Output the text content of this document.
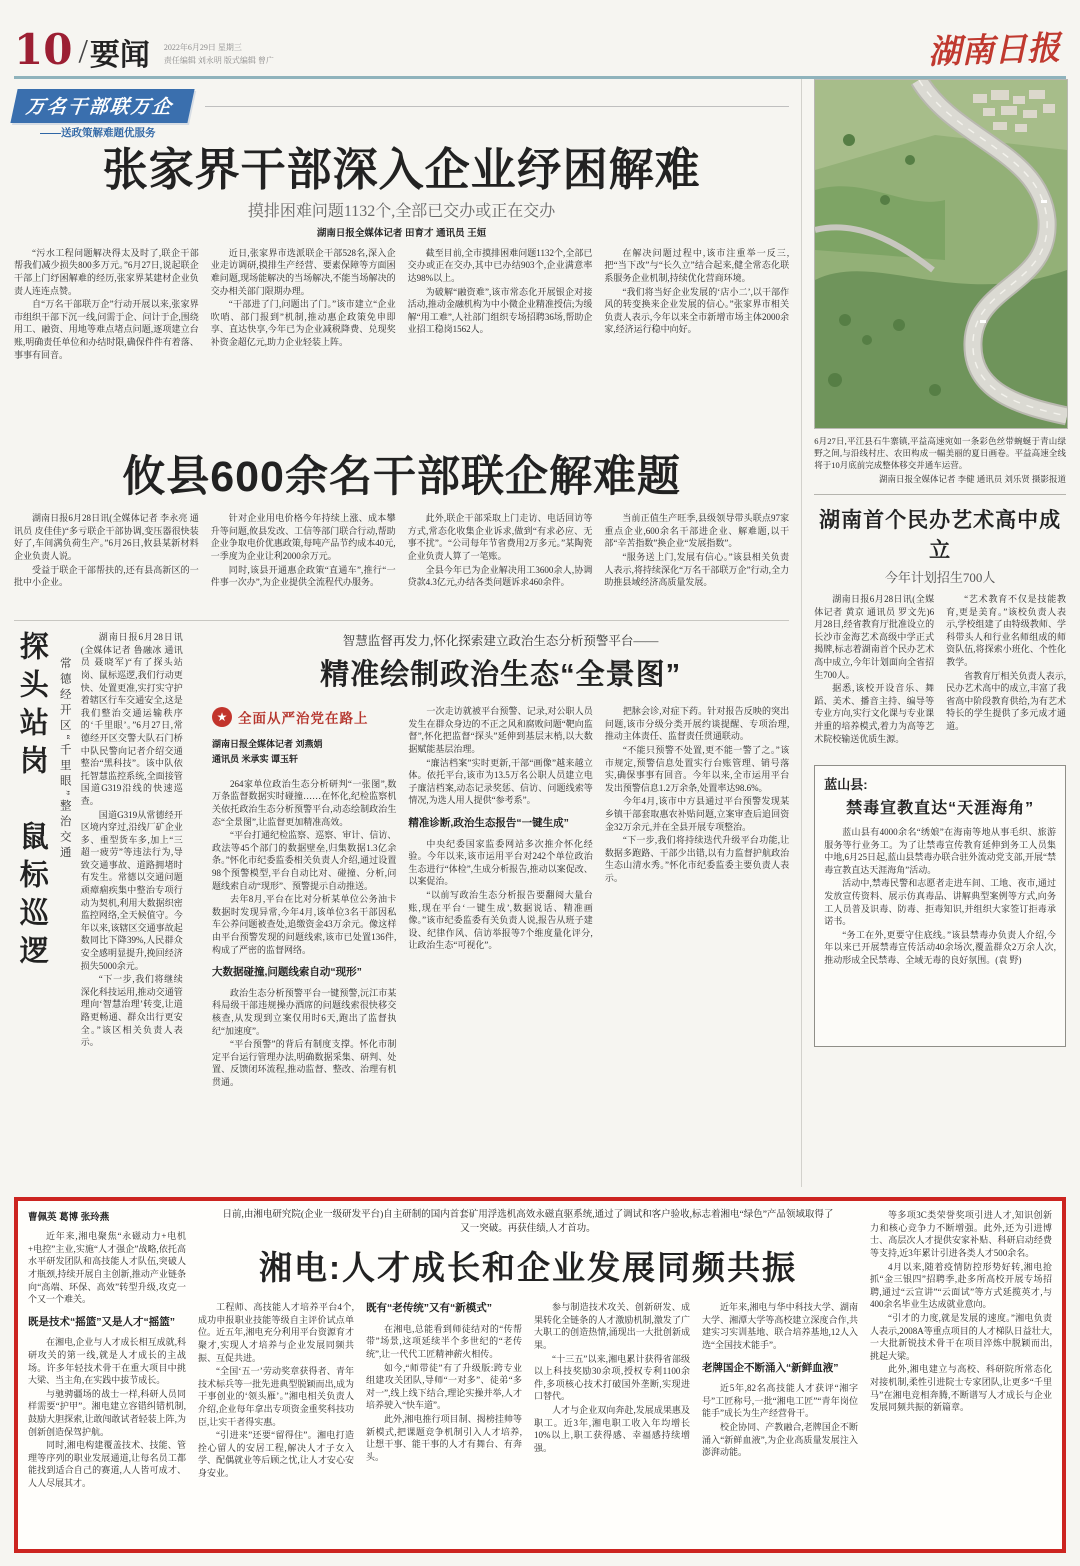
10 / 要闻 2022年6月29日 星期三
责任编辑 刘永明 版式编辑 曾广	湖南日报
万名干部联万企
——送政策解难题优服务
张家界干部深入企业纾困解难
摸排困难问题1132个,全部已交办或正在交办
湖南日报全媒体记者 田育才 通讯员 王姮

“污水工程问题解决得太及时了,联企干部帮我们减少损失800多万元。”6月27日,说起联企干部上门纾困解难的经历,张家界某建材企业负责人连连点赞。

自“万名干部联万企”行动开展以来,张家界市组织干部下沉一线,问需于企、问计于企,围绕用工、融资、用地等难点堵点问题,逐项建立台账,明确责任单位和办结时限,确保件件有着落、事事有回音。

近日,张家界市选派联企干部528名,深入企业走访调研,摸排生产经营、要素保障等方面困难问题,现场能解决的当场解决,不能当场解决的交办相关部门限期办理。

“干部进了门,问题出了门。”该市建立“企业吹哨、部门报到”机制,推动惠企政策免申即享、直达快享,今年已为企业减税降费、兑现奖补资金超亿元,助力企业轻装上阵。

截至目前,全市摸排困难问题1132个,全部已交办或正在交办,其中已办结903个,企业满意率达98%以上。

为破解“融资难”,该市常态化开展银企对接活动,推动金融机构为中小微企业精准授信;为缓解“用工难”,人社部门组织专场招聘36场,帮助企业招工稳岗1562人。

在解决问题过程中,该市注重举一反三,把“当下改”与“长久立”结合起来,健全常态化联系服务企业机制,持续优化营商环境。

“我们将当好企业发展的‘店小二’,以干部作风的转变换来企业发展的信心。”张家界市相关负责人表示,今年以来全市新增市场主体2000余家,经济运行稳中向好。

攸县600余名干部联企解难题

湖南日报6月28日讯(全媒体记者 李永亮 通讯员 皮佳佳)“多亏联企干部协调,变压器很快装好了,车间满负荷生产。”6月26日,攸县某新材料企业负责人说。

受益于联企干部帮扶的,还有县高新区的一批中小企业。

针对企业用电价格今年持续上涨、成本攀升等问题,攸县发改、工信等部门联合行动,帮助企业争取电价优惠政策,每吨产品节约成本40元,一季度为企业让利2000余万元。

同时,该县开通惠企政策“直通车”,推行“一件事一次办”,为企业提供全流程代办服务。

此外,联企干部采取上门走访、电话回访等方式,常态化收集企业诉求,做到“有求必应、无事不扰”。“公司每年节省费用2万多元。”某陶瓷企业负责人算了一笔账。

全县今年已为企业解决用工3600余人,协调贷款4.3亿元,办结各类问题诉求460余件。

当前正值生产旺季,县级领导带头联点97家重点企业,600余名干部进企业、解难题,以干部“辛苦指数”换企业“发展指数”。

“服务送上门,发展有信心。”该县相关负责人表示,将持续深化“万名干部联万企”行动,全力助推县域经济高质量发展。

探头站岗　鼠标巡逻 常德经开区“千里眼”整治交通

湖南日报6月28日讯(全媒体记者 鲁融冰 通讯员 聂晓军)“有了探头站岗、鼠标巡逻,我们行动更快、处置更准,实打实守护着辖区行车交通安全,这是我们整治交通运输秩序的‘千里眼’。”6月27日,常德经开区交警大队石门桥中队民警向记者介绍交通整治“黑科技”。该中队依托智慧监控系统,全面接管国道G319沿线的快速巡查。

国道G319从常德经开区境内穿过,沿线厂矿企业多、重型货车多,加上“三超一疲劳”等违法行为,导致交通事故、道路拥堵时有发生。常德以交通问题顽瘴痼疾集中整治专项行动为契机,利用大数据织密监控网络,全天候值守。今年以来,该辖区交通事故起数同比下降39%,人民群众安全感明显提升,挽回经济损失5000余元。

“下一步,我们将继续深化科技运用,推动交通管理向‘智慧治理’转变,让道路更畅通、群众出行更安全。”该区相关负责人表示。

智慧监督再发力,怀化探索建立政治生态分析预警平台——
精准绘制政治生态“全景图”
★ 全面从严治党在路上
湖南日报全媒体记者 刘燕娟
通讯员 米承实 谭玉轩

264家单位政治生态分析研判“一张图”,数万条监督数据实时碰撞……在怀化,纪检监察机关依托政治生态分析预警平台,动态绘制政治生态“全景图”,让监督更加精准高效。

“平台打通纪检监察、巡察、审计、信访、政法等45个部门的数据壁垒,归集数据1.3亿余条。”怀化市纪委监委相关负责人介绍,通过设置98个预警模型,平台自动比对、碰撞、分析,问题线索自动“现形”、预警提示自动推送。

去年8月,平台在比对分析某单位公务油卡数据时发现异常,今年4月,该单位3名干部因私车公养问题被查处,追缴资金43万余元。像这样由平台预警发现的问题线索,该市已处置136件,构成了严密的监督网络。

大数据碰撞,问题线索自动“现形”

政治生态分析预警平台一键预警,沅江市某科局级干部违规操办酒席的问题线索很快移交核查,从发现到立案仅用时6天,跑出了监督执纪“加速度”。

“平台预警”的背后有制度支撑。怀化市制定平台运行管理办法,明确数据采集、研判、处置、反馈闭环流程,推动监督、整改、治理有机贯通。

一次走访就被平台预警、记录,对公职人员发生在群众身边的不正之风和腐败问题“靶向监督”,怀化把监督“探头”延伸到基层末梢,以大数据赋能基层治理。

“廉洁档案”实时更新,干部“画像”越来越立体。依托平台,该市为13.5万名公职人员建立电子廉洁档案,动态记录奖惩、信访、问题线索等情况,为选人用人提供“参考系”。

精准诊断,政治生态报告“一键生成”

中央纪委国家监委网站多次推介怀化经验。今年以来,该市运用平台对242个单位政治生态进行“体检”,生成分析报告,推动以案促改、以案促治。

“以前写政治生态分析报告要翻阅大量台账,现在平台‘一键生成’,数据说话、精准画像。”该市纪委监委有关负责人说,报告从班子建设、纪律作风、信访举报等7个维度量化评分,让政治生态“可视化”。

把脉会诊,对症下药。针对报告反映的突出问题,该市分级分类开展约谈提醒、专项治理,推动主体责任、监督责任贯通联动。

“不能只预警不处置,更不能一警了之。”该市规定,预警信息处置实行台账管理、销号落实,确保事事有回音。今年以来,全市运用平台发出预警信息1.2万余条,处置率达98.6%。

今年4月,该市中方县通过平台预警发现某乡镇干部套取惠农补贴问题,立案审查后追回资金32万余元,并在全县开展专项整治。

“下一步,我们将持续迭代升级平台功能,让数据多跑路、干部少出错,以有力监督护航政治生态山清水秀。”怀化市纪委监委主要负责人表示。

6月27日,平江县石牛寨镇,平益高速宛如一条彩色丝带蜿蜒于青山绿野之间,与沿线村庄、农田构成一幅美丽的夏日画卷。平益高速全线将于10月底前完成整体移交并通车运营。
湖南日报全媒体记者 李健 通讯员 刘乐贤 摄影报道
湖南首个民办艺术高中成立
今年计划招生700人

湖南日报6月28日讯(全媒体记者 黄京 通讯员 罗文先)6月28日,经省教育厅批准设立的长沙市金海艺术高级中学正式揭牌,标志着湖南首个民办艺术高中成立,今年计划面向全省招生700人。

据悉,该校开设音乐、舞蹈、美术、播音主持、编导等专业方向,实行文化课与专业课并重的培养模式,着力为高等艺术院校输送优质生源。

“艺术教育不仅是技能教育,更是美育。”该校负责人表示,学校组建了由特级教师、学科带头人和行业名师组成的师资队伍,将探索小班化、个性化教学。

省教育厅相关负责人表示,民办艺术高中的成立,丰富了我省高中阶段教育供给,为有艺术特长的学生提供了多元成才通道。

蓝山县:
禁毒宣教直达“天涯海角”

蓝山县有4000余名“绣娘”在海南等地从事毛织、旅游服务等行业务工。为了让禁毒宣传教育延伸到务工人员集中地,6月25日起,蓝山县禁毒办联合驻外流动党支部,开展“禁毒宣教直达天涯海角”活动。

活动中,禁毒民警和志愿者走进车间、工地、夜市,通过发放宣传资料、展示仿真毒品、讲解典型案例等方式,向务工人员普及识毒、防毒、拒毒知识,并组织大家签订拒毒承诺书。

“务工在外,更要守住底线。”该县禁毒办负责人介绍,今年以来已开展禁毒宣传活动40余场次,覆盖群众2万余人次,推动形成全民禁毒、全域无毒的良好氛围。(袁 野)

曹佩英 葛博 张玲燕

近年来,湘电聚焦“永磁动力+电机+电控”主业,实施“人才强企”战略,依托高水平研发团队和高技能人才队伍,突破人才瓶颈,持续开展自主创新,推动产业链条向“高端、环保、高效”转型升级,攻克一个又一个难关。

既是技术“摇篮”又是人才“摇篮”

在湘电,企业与人才成长相互成就,科研攻关的第一线,就是人才成长的主战场。许多年轻技术骨干在重大项目中挑大梁、当主角,在实践中拔节成长。

与驰骋疆场的战士一样,科研人员同样需要“护甲”。湘电建立容错纠错机制,鼓励大胆探索,让敢闯敢试者轻装上阵,为创新创造保驾护航。

同时,湘电构建覆盖技术、技能、管理等序列的职业发展通道,让每名员工都能找到适合自己的赛道,人人皆可成才、人人尽展其才。

日前,由湘电研究院(企业一级研发平台)自主研制的国内首套矿用浮选机高效永磁直驱系统,通过了调试和客户验收,标志着湘电“绿色”产品领域取得了又一突破。再获佳绩,人才首功。
湘电:人才成长和企业发展同频共振

工程师、高技能人才培养平台4个,成功申报职业技能等级自主评价试点单位。近五年,湘电充分利用平台资源育才聚才,实现人才培养与企业发展同频共振、互促共进。

“全国‘五一’劳动奖章获得者、青年技术标兵等一批先进典型脱颖而出,成为干事创业的‘领头雁’。”湘电相关负责人介绍,企业每年拿出专项资金重奖科技功臣,让实干者得实惠。

“引进来”还要“留得住”。湘电打造拴心留人的安居工程,解决人才子女入学、配偶就业等后顾之忧,让人才安心安身安业。

既有“老传统”又有“新模式”

在湘电,总能看到师徒结对的“传帮带”场景,这项延续半个多世纪的“老传统”,让一代代工匠精神薪火相传。

如今,“师带徒”有了升级版:跨专业组建攻关团队,导师“一对多”、徒弟“多对一”,线上线下结合,理论实操并举,人才培养驶入“快车道”。

此外,湘电推行项目制、揭榜挂帅等新模式,把课题竞争机制引入人才培养,让想干事、能干事的人才有舞台、有奔头。

参与制造技术攻关、创新研发、成果转化全链条的人才激励机制,激发了广大职工的创造热情,涌现出一大批创新成果。

“十三五”以来,湘电累计获得省部级以上科技奖励30余项,授权专利1100余件,多项核心技术打破国外垄断,实现进口替代。

人才与企业双向奔赴,发展成果惠及职工。近3年,湘电职工收入年均增长10%以上,职工获得感、幸福感持续增强。

近年来,湘电与华中科技大学、湖南大学、湘潭大学等高校建立深度合作,共建实习实训基地、联合培养基地,12人入选“全国技术能手”。

老牌国企不断涌入“新鲜血液”

近5年,82名高技能人才获评“湘字号”工匠称号,一批“湘电工匠”“青年岗位能手”成长为生产经营骨干。

校企协同、产教融合,老牌国企不断涌入“新鲜血液”,为企业高质量发展注入澎湃动能。

等多项3C类荣誉奖项引进人才,知识创新力和核心竞争力不断增强。此外,还为引进博士、高层次人才提供安家补贴、科研启动经费等支持,近3年累计引进各类人才500余名。

4月以来,随着疫情防控形势好转,湘电抢抓“金三银四”招聘季,赴多所高校开展专场招聘,通过“云宣讲”“云面试”等方式延揽英才,与400余名毕业生达成就业意向。

“引才的力度,就是发展的速度。”湘电负责人表示,2008A等重点项目的人才梯队日益壮大,一大批新锐技术骨干在项目淬炼中脱颖而出,挑起大梁。

此外,湘电建立与高校、科研院所常态化对接机制,柔性引进院士专家团队,让更多“千里马”在湘电竞相奔腾,不断谱写人才成长与企业发展同频共振的新篇章。
